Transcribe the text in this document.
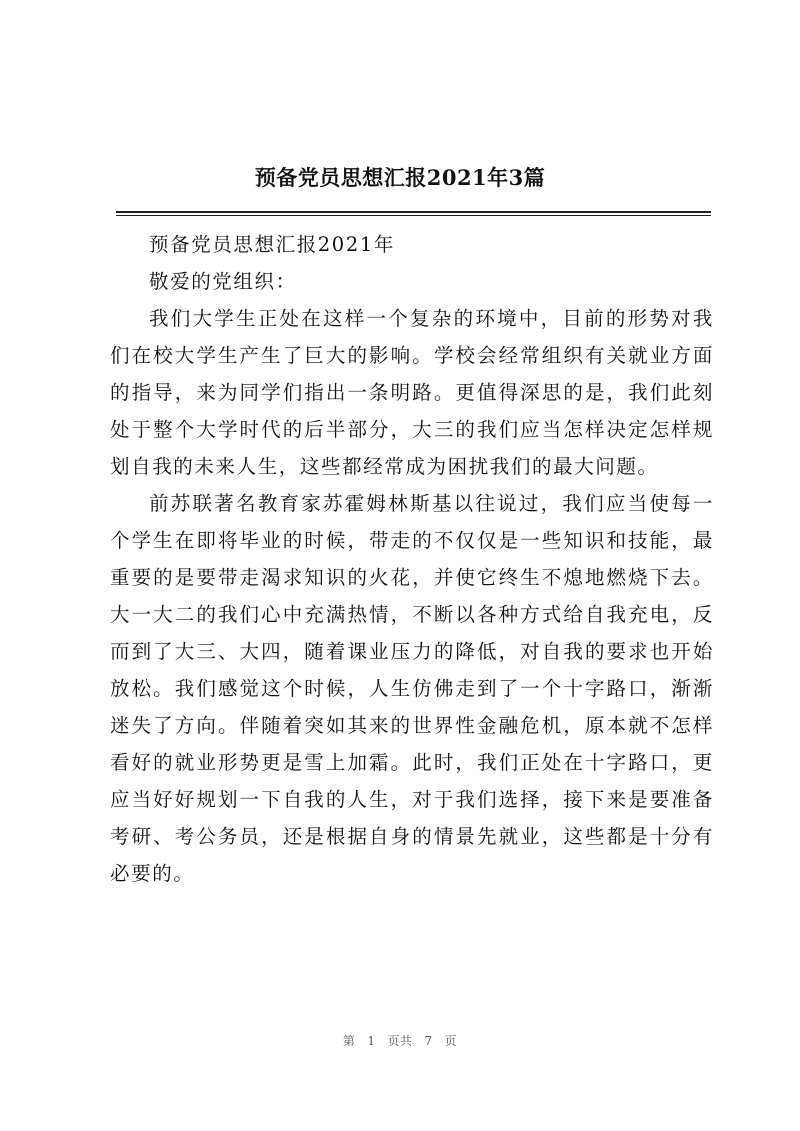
预备党员思想汇报2021年3篇

预备党员思想汇报2021年

敬爱的党组织：

我们大学生正处在这样一个复杂的环境中，目前的形势对我们在校大学生产生了巨大的影响。学校会经常组织有关就业方面的指导，来为同学们指出一条明路。更值得深思的是，我们此刻处于整个大学时代的后半部分，大三的我们应当怎样决定怎样规划自我的未来人生，这些都经常成为困扰我们的最大问题。

前苏联著名教育家苏霍姆林斯基以往说过，我们应当使每一个学生在即将毕业的时候，带走的不仅仅是一些知识和技能，最重要的是要带走渴求知识的火花，并使它终生不熄地燃烧下去。大一大二的我们心中充满热情，不断以各种方式给自我充电，反而到了大三、大四，随着课业压力的降低，对自我的要求也开始放松。我们感觉这个时候，人生仿佛走到了一个十字路口，渐渐迷失了方向。伴随着突如其来的世界性金融危机，原本就不怎样看好的就业形势更是雪上加霜。此时，我们正处在十字路口，更应当好好规划一下自我的人生，对于我们选择，接下来是要准备考研、考公务员，还是根据自身的情景先就业，这些都是十分有必要的。

第 1 页共 7 页
